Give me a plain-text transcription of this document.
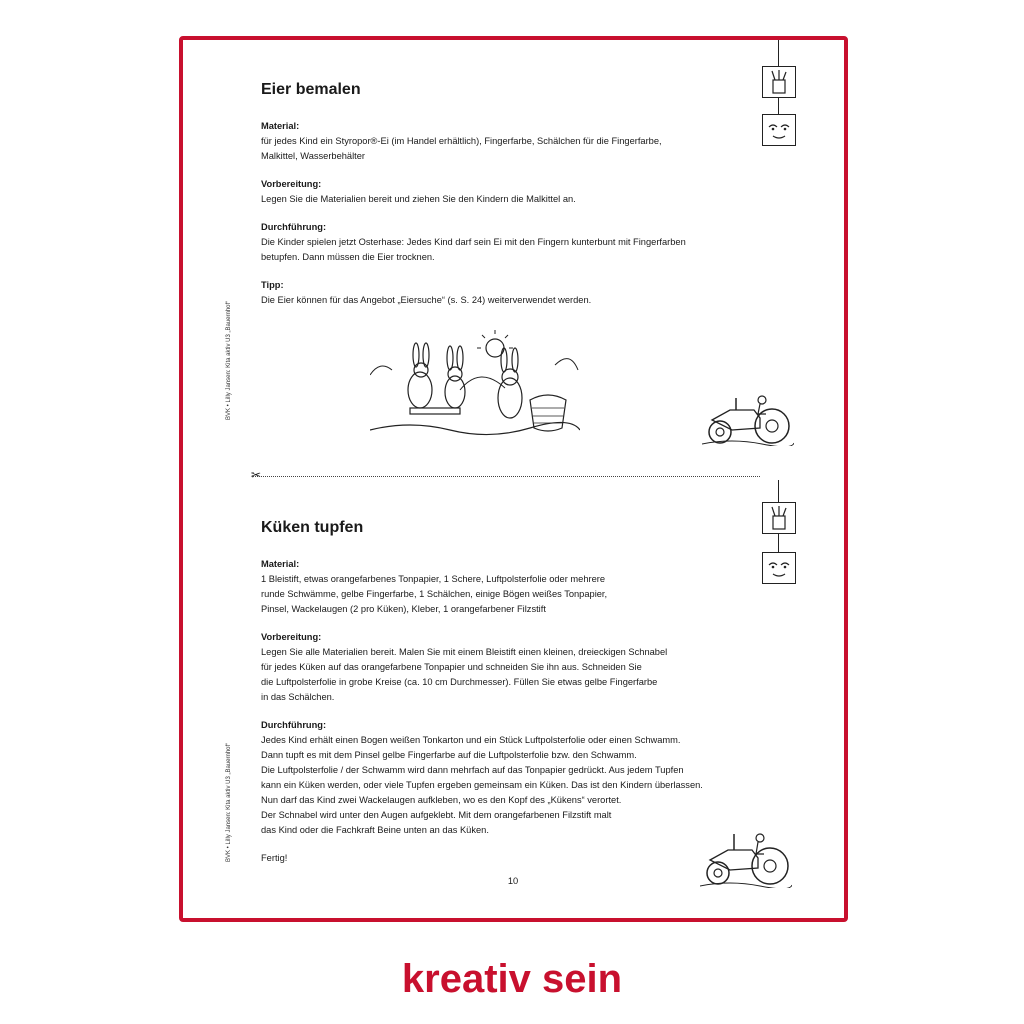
Eier bemalen

Material:

für jedes Kind ein Styropor®-Ei (im Handel erhältlich), Fingerfarbe, Schälchen für die Fingerfarbe,
Malkittel, Wasserbehälter

Vorbereitung:

Legen Sie die Materialien bereit und ziehen Sie den Kindern die Malkittel an.

Durchführung:

Die Kinder spielen jetzt Osterhase: Jedes Kind darf sein Ei mit den Fingern kunterbunt mit Fingerfarben
betupfen. Dann müssen die Eier trocknen.

Tipp:

Die Eier können für das Angebot „Eiersuche“ (s. S. 24) weiterverwendet werden.
Küken tupfen

Material:

1 Bleistift, etwas orangefarbenes Tonpapier, 1 Schere, Luftpolsterfolie oder mehrere
runde Schwämme, gelbe Fingerfarbe, 1 Schälchen, einige Bögen weißes Tonpapier,
Pinsel, Wackelaugen (2 pro Küken), Kleber, 1 orangefarbener Filzstift

Vorbereitung:

Legen Sie alle Materialien bereit. Malen Sie mit einem Bleistift einen kleinen, dreieckigen Schnabel
für jedes Küken auf das orangefarbene Tonpapier und schneiden Sie ihn aus. Schneiden Sie
die Luftpolsterfolie in grobe Kreise (ca. 10 cm Durchmesser). Füllen Sie etwas gelbe Fingerfarbe
in das Schälchen.

Durchführung:

Jedes Kind erhält einen Bogen weißen Tonkarton und ein Stück Luftpolsterfolie oder einen Schwamm.
Dann tupft es mit dem Pinsel gelbe Fingerfarbe auf die Luftpolsterfolie bzw. den Schwamm.
Die Luftpolsterfolie / der Schwamm wird dann mehrfach auf das Tonpapier gedrückt. Aus jedem Tupfen
kann ein Küken werden, oder viele Tupfen ergeben gemeinsam ein Küken. Das ist den Kindern überlassen.
Nun darf das Kind zwei Wackelaugen aufkleben, wo es den Kopf des „Kükens“ verortet.
Der Schnabel wird unter den Augen aufgeklebt. Mit dem orangefarbenen Filzstift malt
das Kind oder die Fachkraft Beine unten an das Küken.

Fertig!

BVK • Lilly Jansen: Kita aktiv U3 „Bauernhof“
BVK • Lilly Jansen: Kita aktiv U3 „Bauernhof“
✂
10
kreativ sein
